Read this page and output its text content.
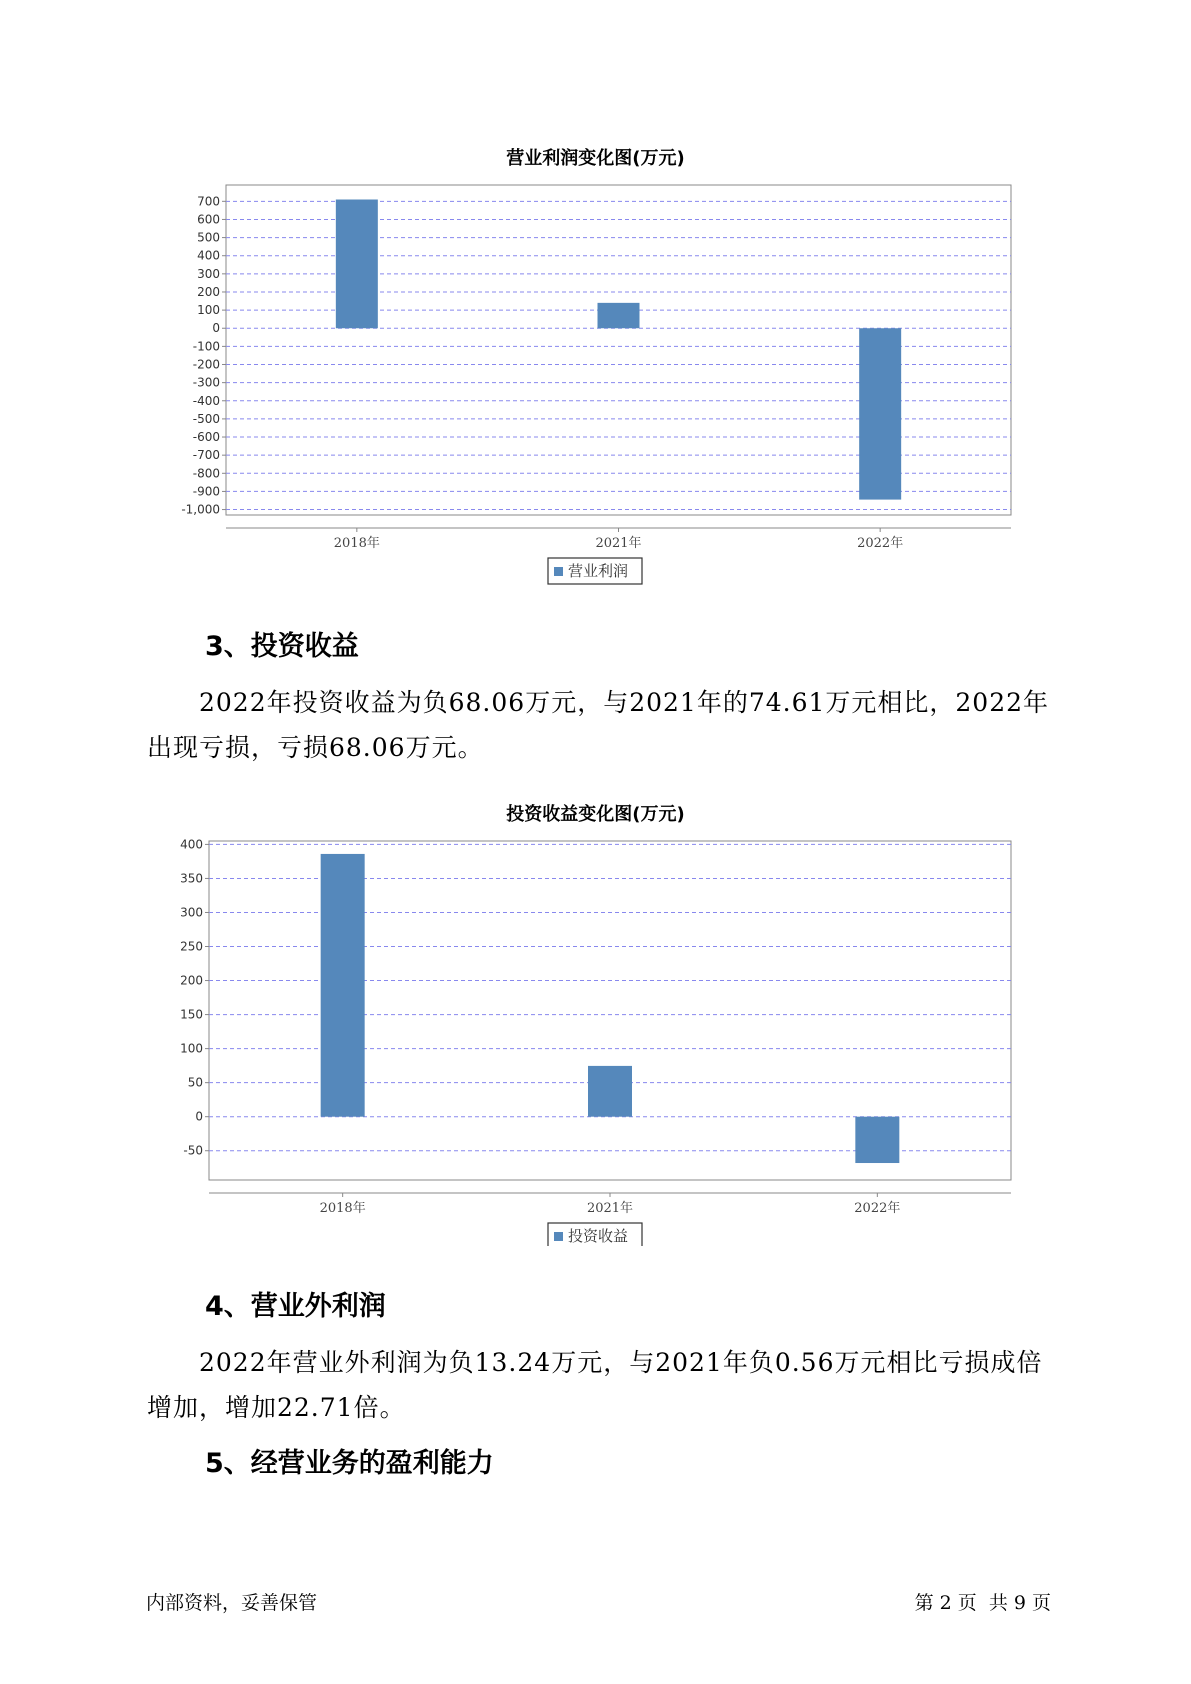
营业利润变化图(万元)
700
600
500
400
300
200
100
0
-100
-200
-300
-400
-500
-600
-700
-800
-900
-1,000
2018年	2021年	2022年
营业利润
3、投资收益
2022年投资收益为负68.06万元，与2021年的74.61万元相比，2022年出现亏损，亏损68.06万元。
投资收益变化图(万元)
400
350
300
250
200
150
100
50
0
-50
2018年	2021年	2022年
投资收益
4、营业外利润
2022年营业外利润为负13.24万元，与2021年负0.56万元相比亏损成倍增加，增加22.71倍。
5、经营业务的盈利能力
内部资料，妥善保管	第 2 页  共 9 页
